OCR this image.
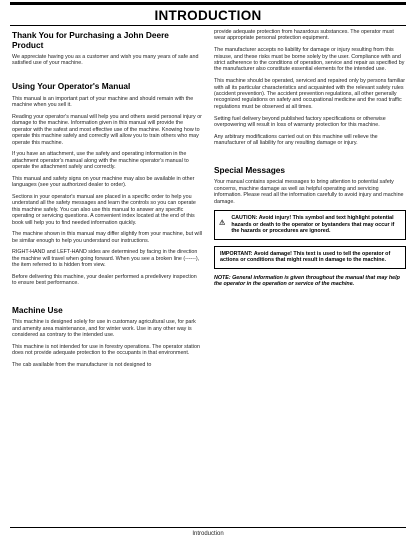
INTRODUCTION
Thank You for Purchasing a John Deere Product

We appreciate having you as a customer and wish you many years of safe and satisfied use of your machine.

Using Your Operator's Manual

This manual is an important part of your machine and should remain with the machine when you sell it.

Reading your operator's manual will help you and others avoid personal injury or damage to the machine. Information given in this manual will provide the operator with the safest and most effective use of the machine. Knowing how to operate this machine safely and correctly will allow you to train others who may operate this machine.

If you have an attachment, use the safety and operating information in the attachment operator's manual along with the machine operator's manual to operate the attachment safely and correctly.

This manual and safety signs on your machine may also be available in other languages (see your authorized dealer to order).

Sections in your operator's manual are placed in a specific order to help you understand all the safety messages and learn the controls so you can operate this machine safely. You can also use this manual to answer any specific operating or servicing questions. A convenient index located at the end of this book will help you to find needed information quickly.

The machine shown in this manual may differ slightly from your machine, but will be similar enough to help you understand our instructions.

RIGHT-HAND and LEFT-HAND sides are determined by facing in the direction the machine will travel when going forward. When you see a broken line (------), the item referred to is hidden from view.

Before delivering this machine, your dealer performed a predelivery inspection to ensure best performance.

Machine Use

This machine is designed solely for use in customary agricultural use, for park and amenity area maintenance, and for winter work. Use in any other way is considered as contrary to the intended use.

This machine is not intended for use in forestry operations. The operator station does not provide adequate protection to the occupants in that environment.

The cab available from the manufacturer is not designed to

provide adequate protection from hazardous substances. The operator must wear appropriate personal protection equipment.

The manufacturer accepts no liability for damage or injury resulting from this misuse, and these risks must be borne solely by the user. Compliance with and strict adherence to the conditions of operation, service and repair as specified by the manufacturer also constitute essential elements for the intended use.

This machine should be operated, serviced and repaired only by persons familiar with all its particular characteristics and acquainted with the relevant safety rules (accident prevention). The accident prevention regulations, all other generally recognized regulations on safety and occupational medicine and the road traffic regulations must be observed at all times.

Setting fuel delivery beyond published factory specifications or otherwise overpowering will result in loss of warranty protection for this machine.

Any arbitrary modifications carried out on this machine will relieve the manufacturer of all liability for any resulting damage or injury.

Special Messages

Your manual contains special messages to bring attention to potential safety concerns, machine damage as well as helpful operating and servicing information. Please read all the information carefully to avoid injury and machine damage.

CAUTION: Avoid injury! This symbol and text highlight potential hazards or death to the operator or bystanders that may occur if the hazards or procedures are ignored.
IMPORTANT: Avoid damage! This text is used to tell the operator of actions or conditions that might result in damage to the machine.

NOTE: General information is given throughout the manual that may help the operator in the operation or service of the machine.

Introduction
